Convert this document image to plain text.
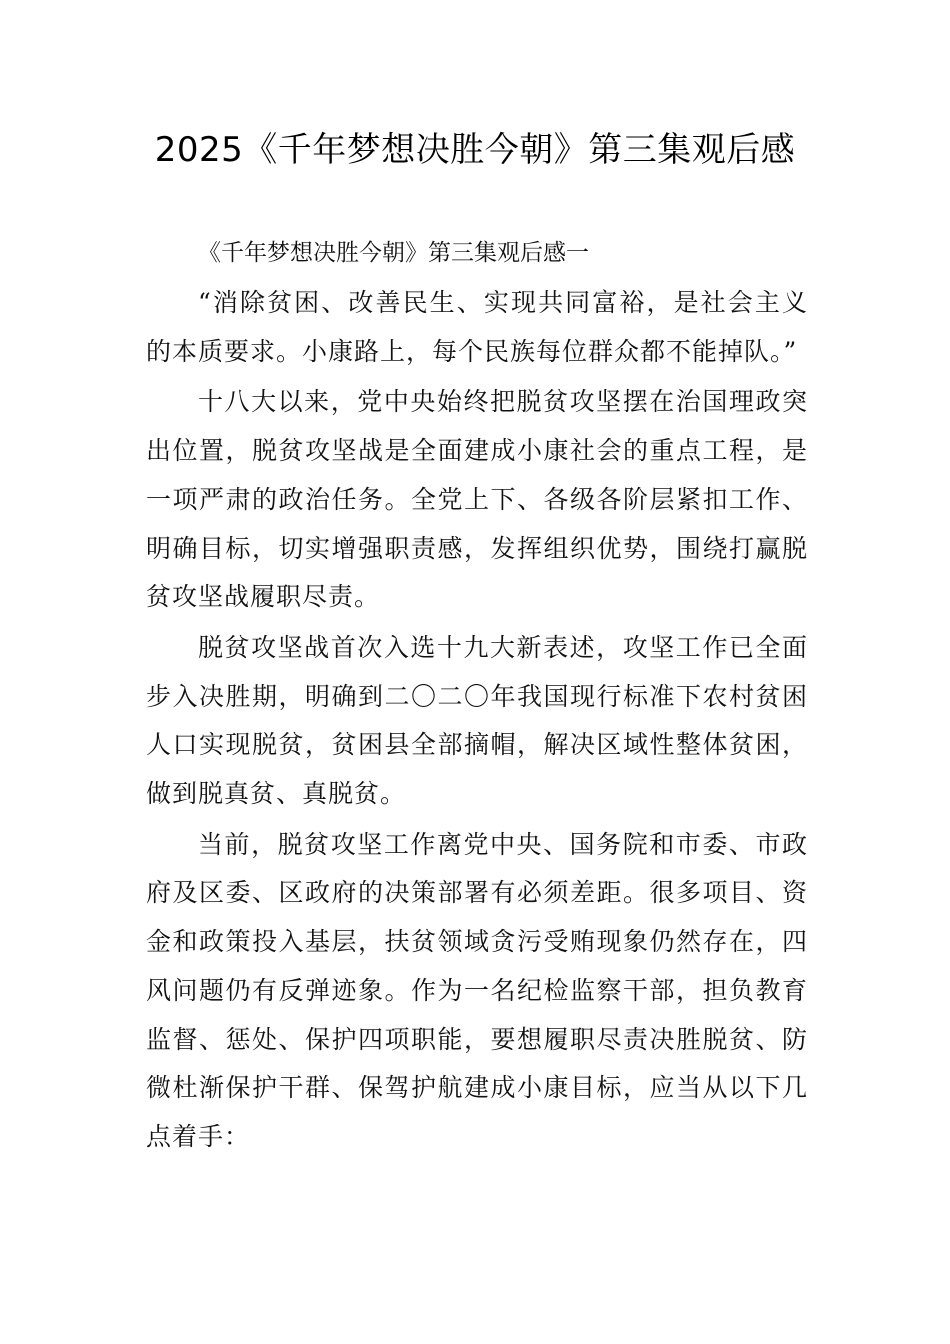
2025《千年梦想决胜今朝》第三集观后感

《千年梦想决胜今朝》第三集观后感一

“消除贫困、改善民生、实现共同富裕，是社会主义的本质要求。小康路上，每个民族每位群众都不能掉队。”

十八大以来，党中央始终把脱贫攻坚摆在治国理政突出位置，脱贫攻坚战是全面建成小康社会的重点工程，是一项严肃的政治任务。全党上下、各级各阶层紧扣工作、明确目标，切实增强职责感，发挥组织优势，围绕打赢脱贫攻坚战履职尽责。

脱贫攻坚战首次入选十九大新表述，攻坚工作已全面步入决胜期，明确到二〇二〇年我国现行标准下农村贫困人口实现脱贫，贫困县全部摘帽，解决区域性整体贫困，做到脱真贫、真脱贫。

当前，脱贫攻坚工作离党中央、国务院和市委、市政府及区委、区政府的决策部署有必须差距。很多项目、资金和政策投入基层，扶贫领域贪污受贿现象仍然存在，四风问题仍有反弹迹象。作为一名纪检监察干部，担负教育监督、惩处、保护四项职能，要想履职尽责决胜脱贫、防微杜渐保护干群、保驾护航建成小康目标，应当从以下几点着手：
